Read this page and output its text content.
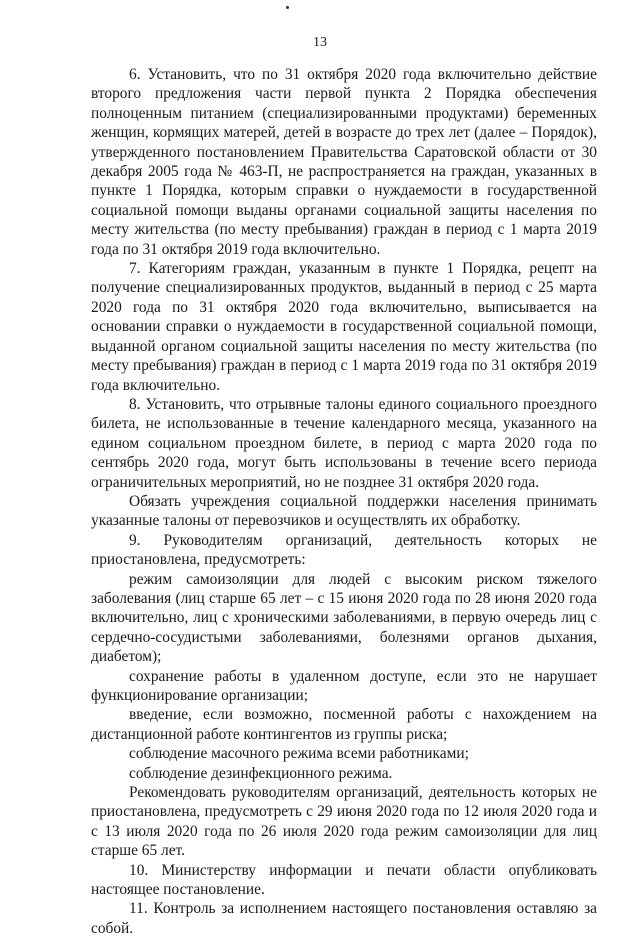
13

6. Установить, что по 31 октября 2020 года включительно действие второго предложения части первой пункта 2 Порядка обеспечения полноценным питанием (специализированными продуктами) беременных женщин, кормящих матерей, детей в возрасте до трех лет (далее – Порядок), утвержденного постановлением Правительства Саратовской области от 30 декабря 2005 года № 463-П, не распространяется на граждан, указанных в пункте 1 Порядка, которым справки о нуждаемости в государственной социальной помощи выданы органами социальной защиты населения по месту жительства (по месту пребывания) граждан в период с 1 марта 2019 года по 31 октября 2019 года включительно.

7. Категориям граждан, указанным в пункте 1 Порядка, рецепт на получение специализированных продуктов, выданный в период с 25 марта 2020 года по 31 октября 2020 года включительно, выписывается на основании справки о нуждаемости в государственной социальной помощи, выданной органом социальной защиты населения по месту жительства (по месту пребывания) граждан в период с 1 марта 2019 года по 31 октября 2019 года включительно.

8. Установить, что отрывные талоны единого социального проездного билета, не использованные в течение календарного месяца, указанного на едином социальном проездном билете, в период с марта 2020 года по сентябрь 2020 года, могут быть использованы в течение всего периода ограничительных мероприятий, но не позднее 31 октября 2020 года.

Обязать учреждения социальной поддержки населения принимать указанные талоны от перевозчиков и осуществлять их обработку.

9. Руководителям организаций, деятельность которых не приостановлена, предусмотреть:

режим самоизоляции для людей с высоким риском тяжелого заболевания (лиц старше 65 лет – с 15 июня 2020 года по 28 июня 2020 года включительно, лиц с хроническими заболеваниями, в первую очередь лиц с сердечно-сосудистыми заболеваниями, болезнями органов дыхания, диабетом);

сохранение работы в удаленном доступе, если это не нарушает функционирование организации;

введение, если возможно, посменной работы с нахождением на дистанционной работе контингентов из группы риска;

соблюдение масочного режима всеми работниками;

соблюдение дезинфекционного режима.

Рекомендовать руководителям организаций, деятельность которых не приостановлена, предусмотреть с 29 июня 2020 года по 12 июля 2020 года и с 13 июля 2020 года по 26 июля 2020 года режим самоизоляции для лиц старше 65 лет.

10. Министерству информации и печати области опубликовать настоящее постановление.

11. Контроль за исполнением настоящего постановления оставляю за собой.
